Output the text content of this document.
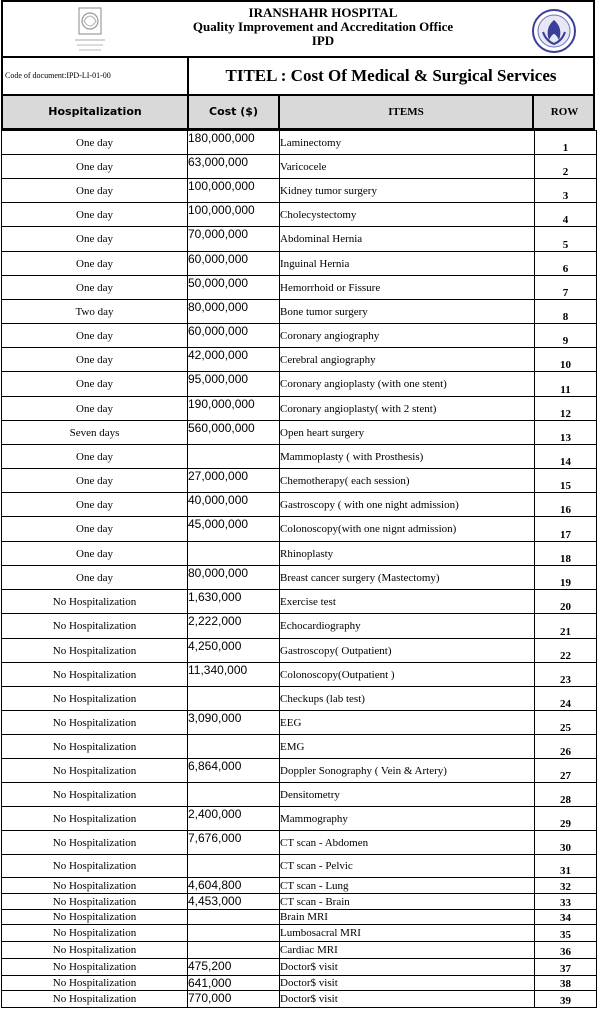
IRANSHAHR HOSPITAL
Quality Improvement and Accreditation Office
IPD
Code of document:IPD-LI-01-00	TITEL : Cost Of Medical & Surgical Services
Hospitalization	Cost ($)	ITEMS	ROW
One day	180,000,000	Laminectomy	1
One day	63,000,000	Varicocele	2
One day	100,000,000	Kidney tumor surgery	3
One day	100,000,000	Cholecystectomy	4
One day	70,000,000	Abdominal Hernia	5
One day	60,000,000	Inguinal Hernia	6
One day	50,000,000	Hemorrhoid or Fissure	7
Two day	80,000,000	Bone tumor surgery	8
One day	60,000,000	Coronary angiography	9
One day	42,000,000	Cerebral angiography	10
One day	95,000,000	Coronary angioplasty (with one stent)	11
One day	190,000,000	Coronary angioplasty( with 2 stent)	12
Seven days	560,000,000	Open heart surgery	13
One day		Mammoplasty ( with Prosthesis)	14
One day	27,000,000	Chemotherapy( each session)	15
One day	40,000,000	Gastroscopy ( with one night admission)	16
One day	45,000,000	Colonoscopy(with one nignt admission)	17
One day		Rhinoplasty	18
One day	80,000,000	Breast cancer surgery (Mastectomy)	19
No Hospitalization	1,630,000	Exercise test	20
No Hospitalization	2,222,000	Echocardiography	21
No Hospitalization	4,250,000	Gastroscopy( Outpatient)	22
No Hospitalization	11,340,000	Colonoscopy(Outpatient )	23
No Hospitalization		Checkups (lab test)	24
No Hospitalization	3,090,000	EEG	25
No Hospitalization		EMG	26
No Hospitalization	6,864,000	Doppler Sonography ( Vein & Artery)	27
No Hospitalization		Densitometry	28
No Hospitalization	2,400,000	Mammography	29
No Hospitalization	7,676,000	CT scan - Abdomen	30
No Hospitalization		CT scan - Pelvic	31
No Hospitalization	4,604,800	CT scan - Lung	32
No Hospitalization	4,453,000	CT scan - Brain	33
No Hospitalization		Brain MRI	34
No Hospitalization		Lumbosacral MRI	35
No Hospitalization		Cardiac MRI	36
No Hospitalization	475,200	Doctor$ visit	37
No Hospitalization	641,000	Doctor$ visit	38
No Hospitalization	770,000	Doctor$ visit	39
